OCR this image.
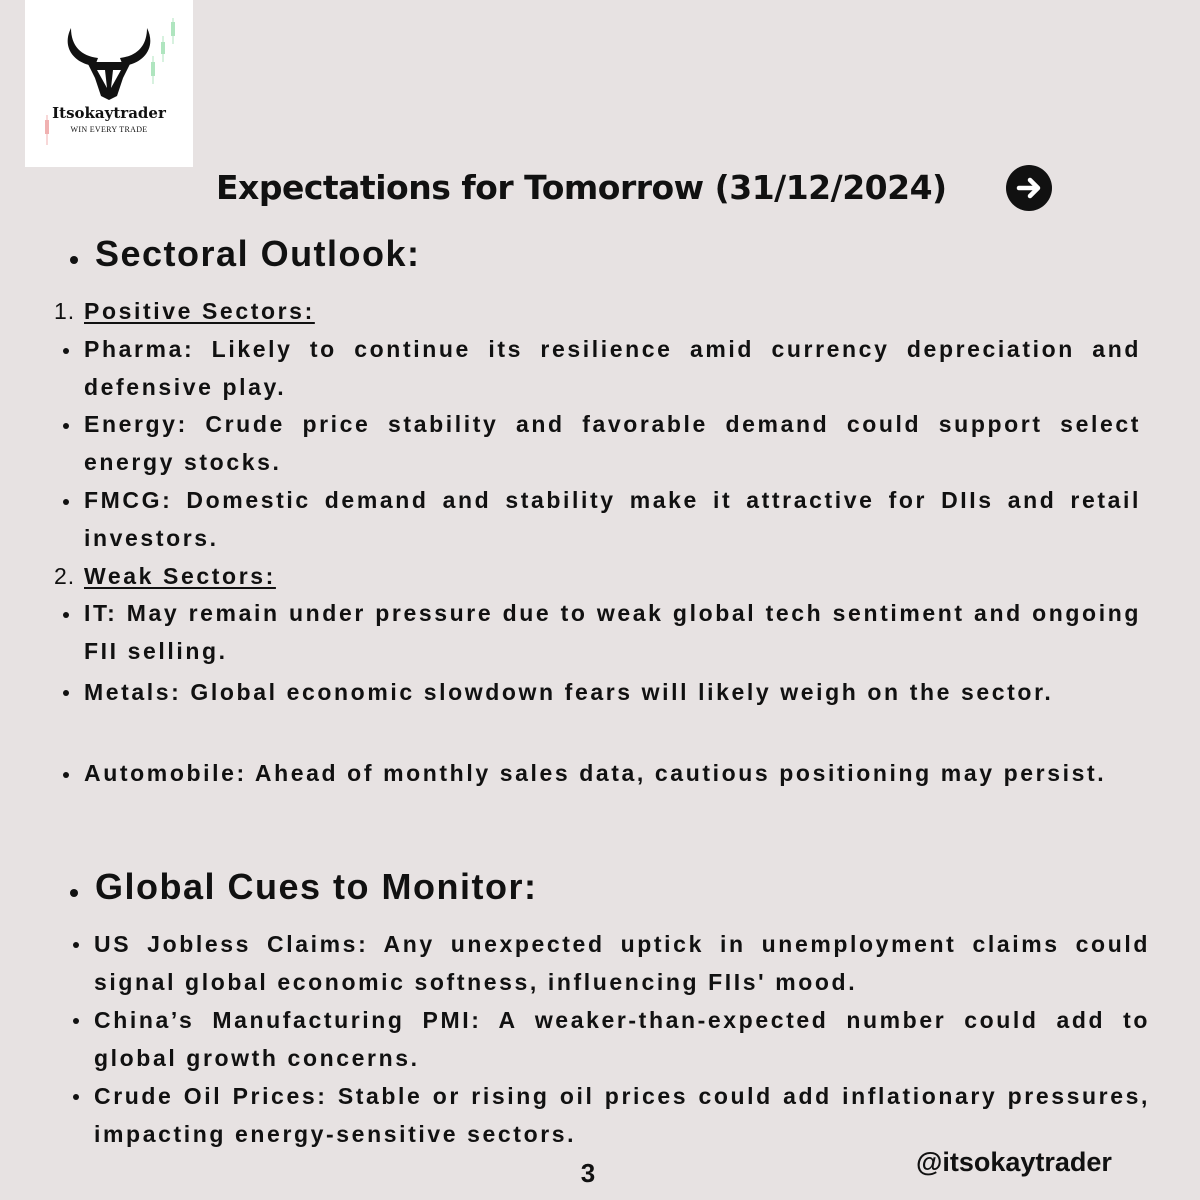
Itsokaytrader
WIN EVERY TRADE
Expectations for Tomorrow (31/12/2024)
Sectoral Outlook:
1. Positive Sectors:
Pharma: Likely to continue its resilience amid currency depreciation and defensive play.
Energy: Crude price stability and favorable demand could support select energy stocks.
FMCG: Domestic demand and stability make it attractive for DIIs and retail investors.
2. Weak Sectors:
IT: May remain under pressure due to weak global tech sentiment and ongoing FII selling.
Metals: Global economic slowdown fears will likely weigh on the sector.
Automobile: Ahead of monthly sales data, cautious positioning may persist.
Global Cues to Monitor:
US Jobless Claims: Any unexpected uptick in unemployment claims could signal global economic softness, influencing FIIs' mood.
China’s Manufacturing PMI: A weaker-than-expected number could add to global growth concerns.
Crude Oil Prices: Stable or rising oil prices could add inflationary pressures, impacting energy-sensitive sectors.
3	@itsokaytrader
